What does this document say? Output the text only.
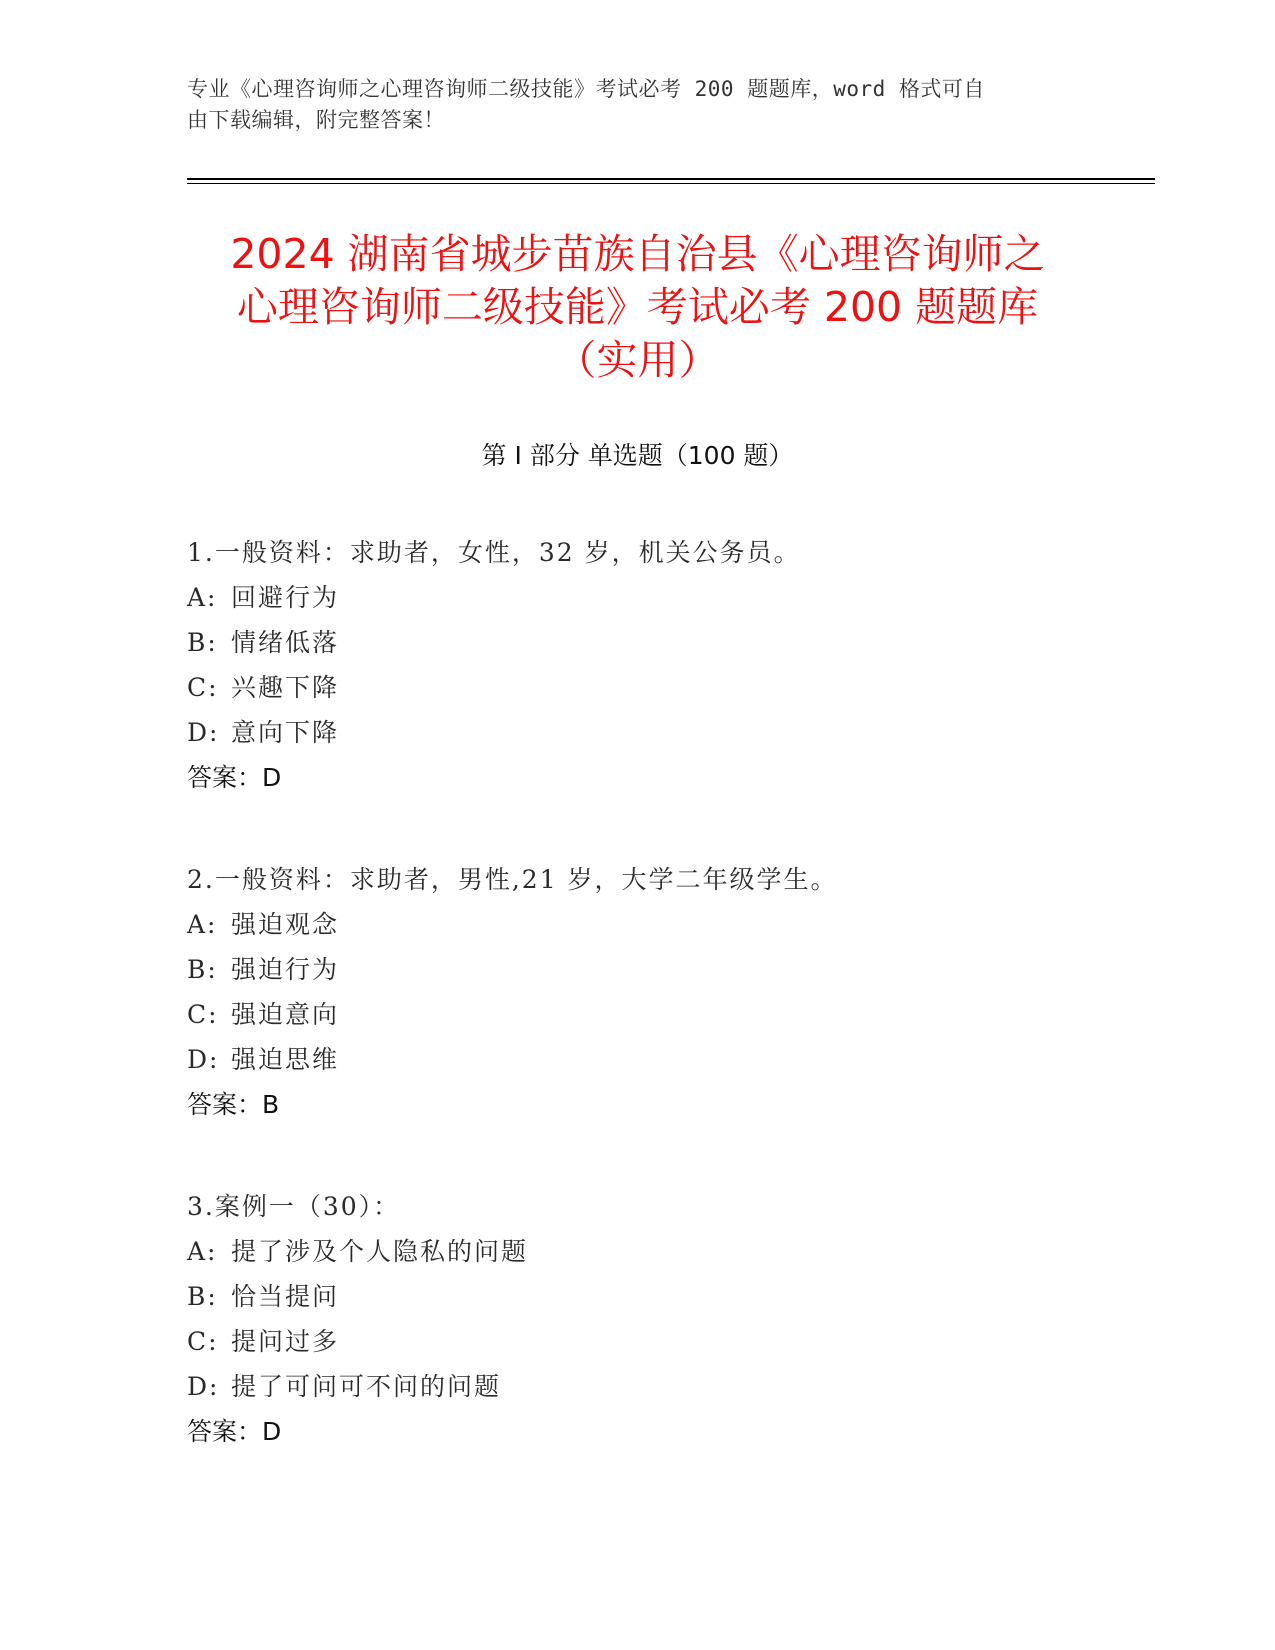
专业《心理咨询师之心理咨询师二级技能》考试必考 200 题题库，word 格式可自
由下载编辑，附完整答案！
2024 湖南省城步苗族自治县《心理咨询师之
心理咨询师二级技能》考试必考 200 题题库
（实用）
第 I 部分 单选题（100 题）
1.一般资料：求助者，女性，32 岁，机关公务员。
A: 回避行为
B: 情绪低落
C: 兴趣下降
D: 意向下降
答案：D
2.一般资料：求助者，男性,21 岁，大学二年级学生。
A: 强迫观念
B: 强迫行为
C: 强迫意向
D: 强迫思维
答案：B
3.案例一（30）：
A: 提了涉及个人隐私的问题
B: 恰当提问
C: 提问过多
D: 提了可问可不问的问题
答案：D
